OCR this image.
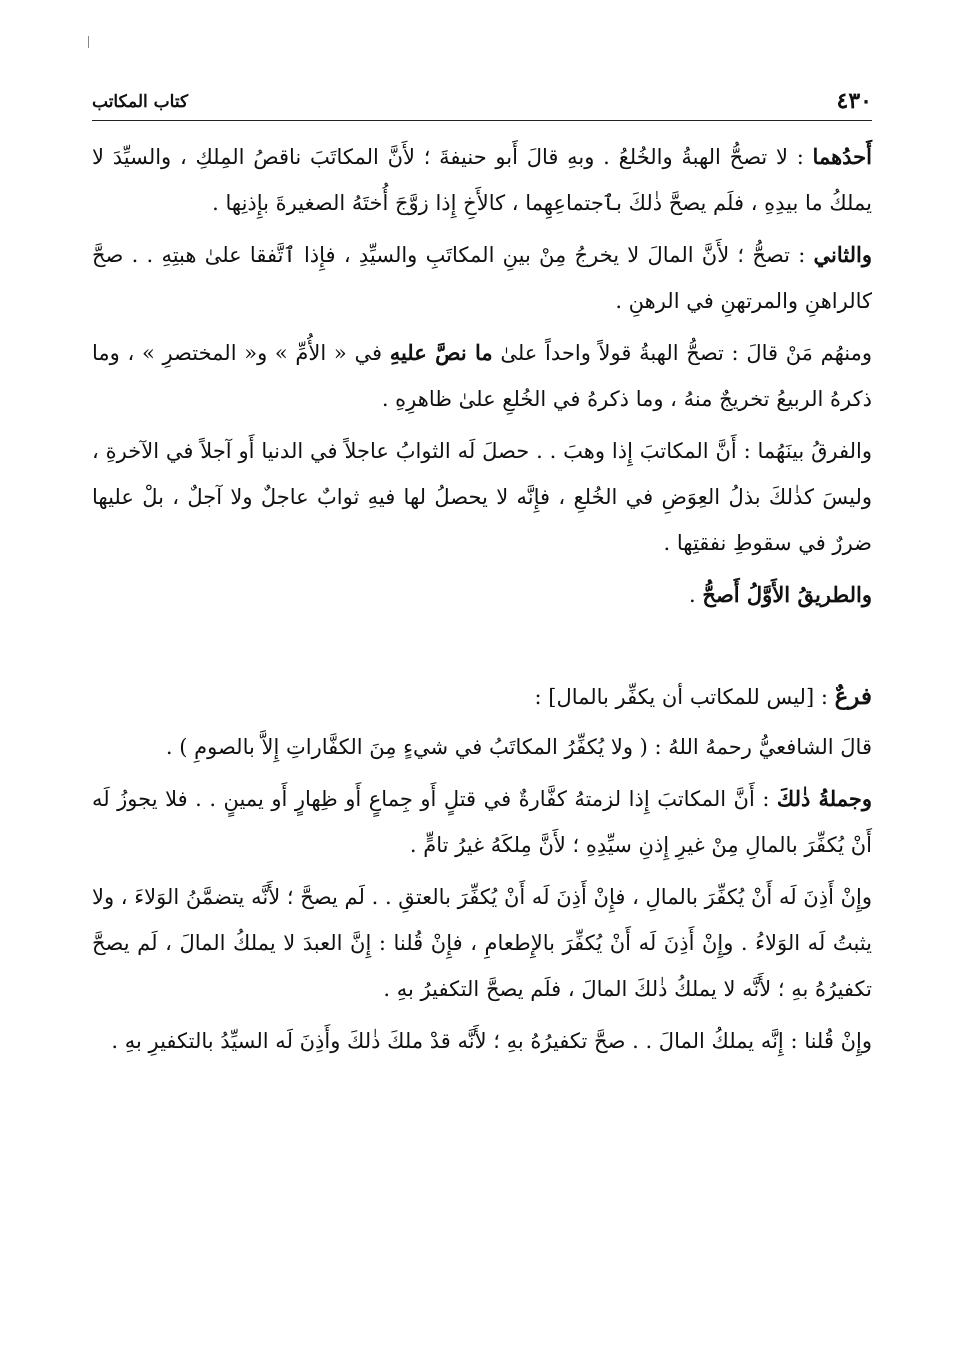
٤٣٠
كتاب المكاتب

أَحدُهما : لا تصحُّ الهبةُ والخُلعُ . وبهِ قالَ أَبو حنيفةَ ؛ لأَنَّ المكاتَبَ ناقصُ المِلكِ ، والسيِّدَ لا يملكُ ما بيدِهِ ، فلَم يصحَّ ذٰلكَ بٱجتماعِهِما ، كالأَخِ إِذا زوَّجَ أُختَهُ الصغيرةَ بإِذنِها .

والثاني : تصحُّ ؛ لأَنَّ المالَ لا يخرجُ مِنْ بينِ المكاتَبِ والسيِّدِ ، فإِذا ٱتَّفقا علىٰ هبتِهِ . . صحَّ كالراهنِ والمرتهنِ في الرهنِ .

ومنهُم مَنْ قالَ : تصحُّ الهبةُ قولاً واحداً علىٰ ما نصَّ عليهِ في « الأُمِّ » و« المختصرِ » ، وما ذكرهُ الربيعُ تخريجٌ منهُ ، وما ذكرهُ في الخُلعِ علىٰ ظاهرِهِ .

والفرقُ بينَهُما : أَنَّ المكاتبَ إِذا وهبَ . . حصلَ لَه الثوابُ عاجلاً في الدنيا أَو آجلاً في الآخرةِ ، وليسَ كذٰلكَ بذلُ العِوَضِ في الخُلعِ ، فإِنَّه لا يحصلُ لها فيهِ ثوابٌ عاجلٌ ولا آجلٌ ، بلْ عليها ضررٌ في سقوطِ نفقتِها .

والطريقُ الأَوَّلُ أَصحُّ .

فرعٌ : [ليس للمكاتب أن يكفِّر بالمال] :

قالَ الشافعيُّ رحمهُ اللهُ : ( ولا يُكفِّرُ المكاتَبُ في شيءٍ مِنَ الكفَّاراتِ إِلاَّ بالصومِ ) .

وجملةُ ذٰلكَ : أَنَّ المكاتبَ إِذا لزمتهُ كفَّارةٌ في قتلٍ أَو جِماعٍ أَو ظِهارٍ أَو يمينٍ . . فلا يجوزُ لَه أَنْ يُكفِّرَ بالمالِ مِنْ غيرِ إِذنِ سيِّدِهِ ؛ لأَنَّ مِلكَهُ غيرُ تامٍّ .

وإِنْ أَذِنَ لَه أَنْ يُكفِّرَ بالمالِ ، فإِنْ أَذِنَ لَه أَنْ يُكفِّرَ بالعتقِ . . لَم يصحَّ ؛ لأَنَّه يتضمَّنُ الوَلاءَ ، ولا يثبتُ لَه الوَلاءُ . وإِنْ أَذِنَ لَه أَنْ يُكفِّرَ بالإِطعامِ ، فإِنْ قُلنا : إِنَّ العبدَ لا يملكُ المالَ ، لَم يصحَّ تكفيرُهُ بهِ ؛ لأَنَّه لا يملكُ ذٰلكَ المالَ ، فلَم يصحَّ التكفيرُ بهِ .

وإِنْ قُلنا : إِنَّه يملكُ المالَ . . صحَّ تكفيرُهُ بهِ ؛ لأَنَّه قدْ ملكَ ذٰلكَ وأَذِنَ لَه السيِّدُ بالتكفيرِ بهِ .
